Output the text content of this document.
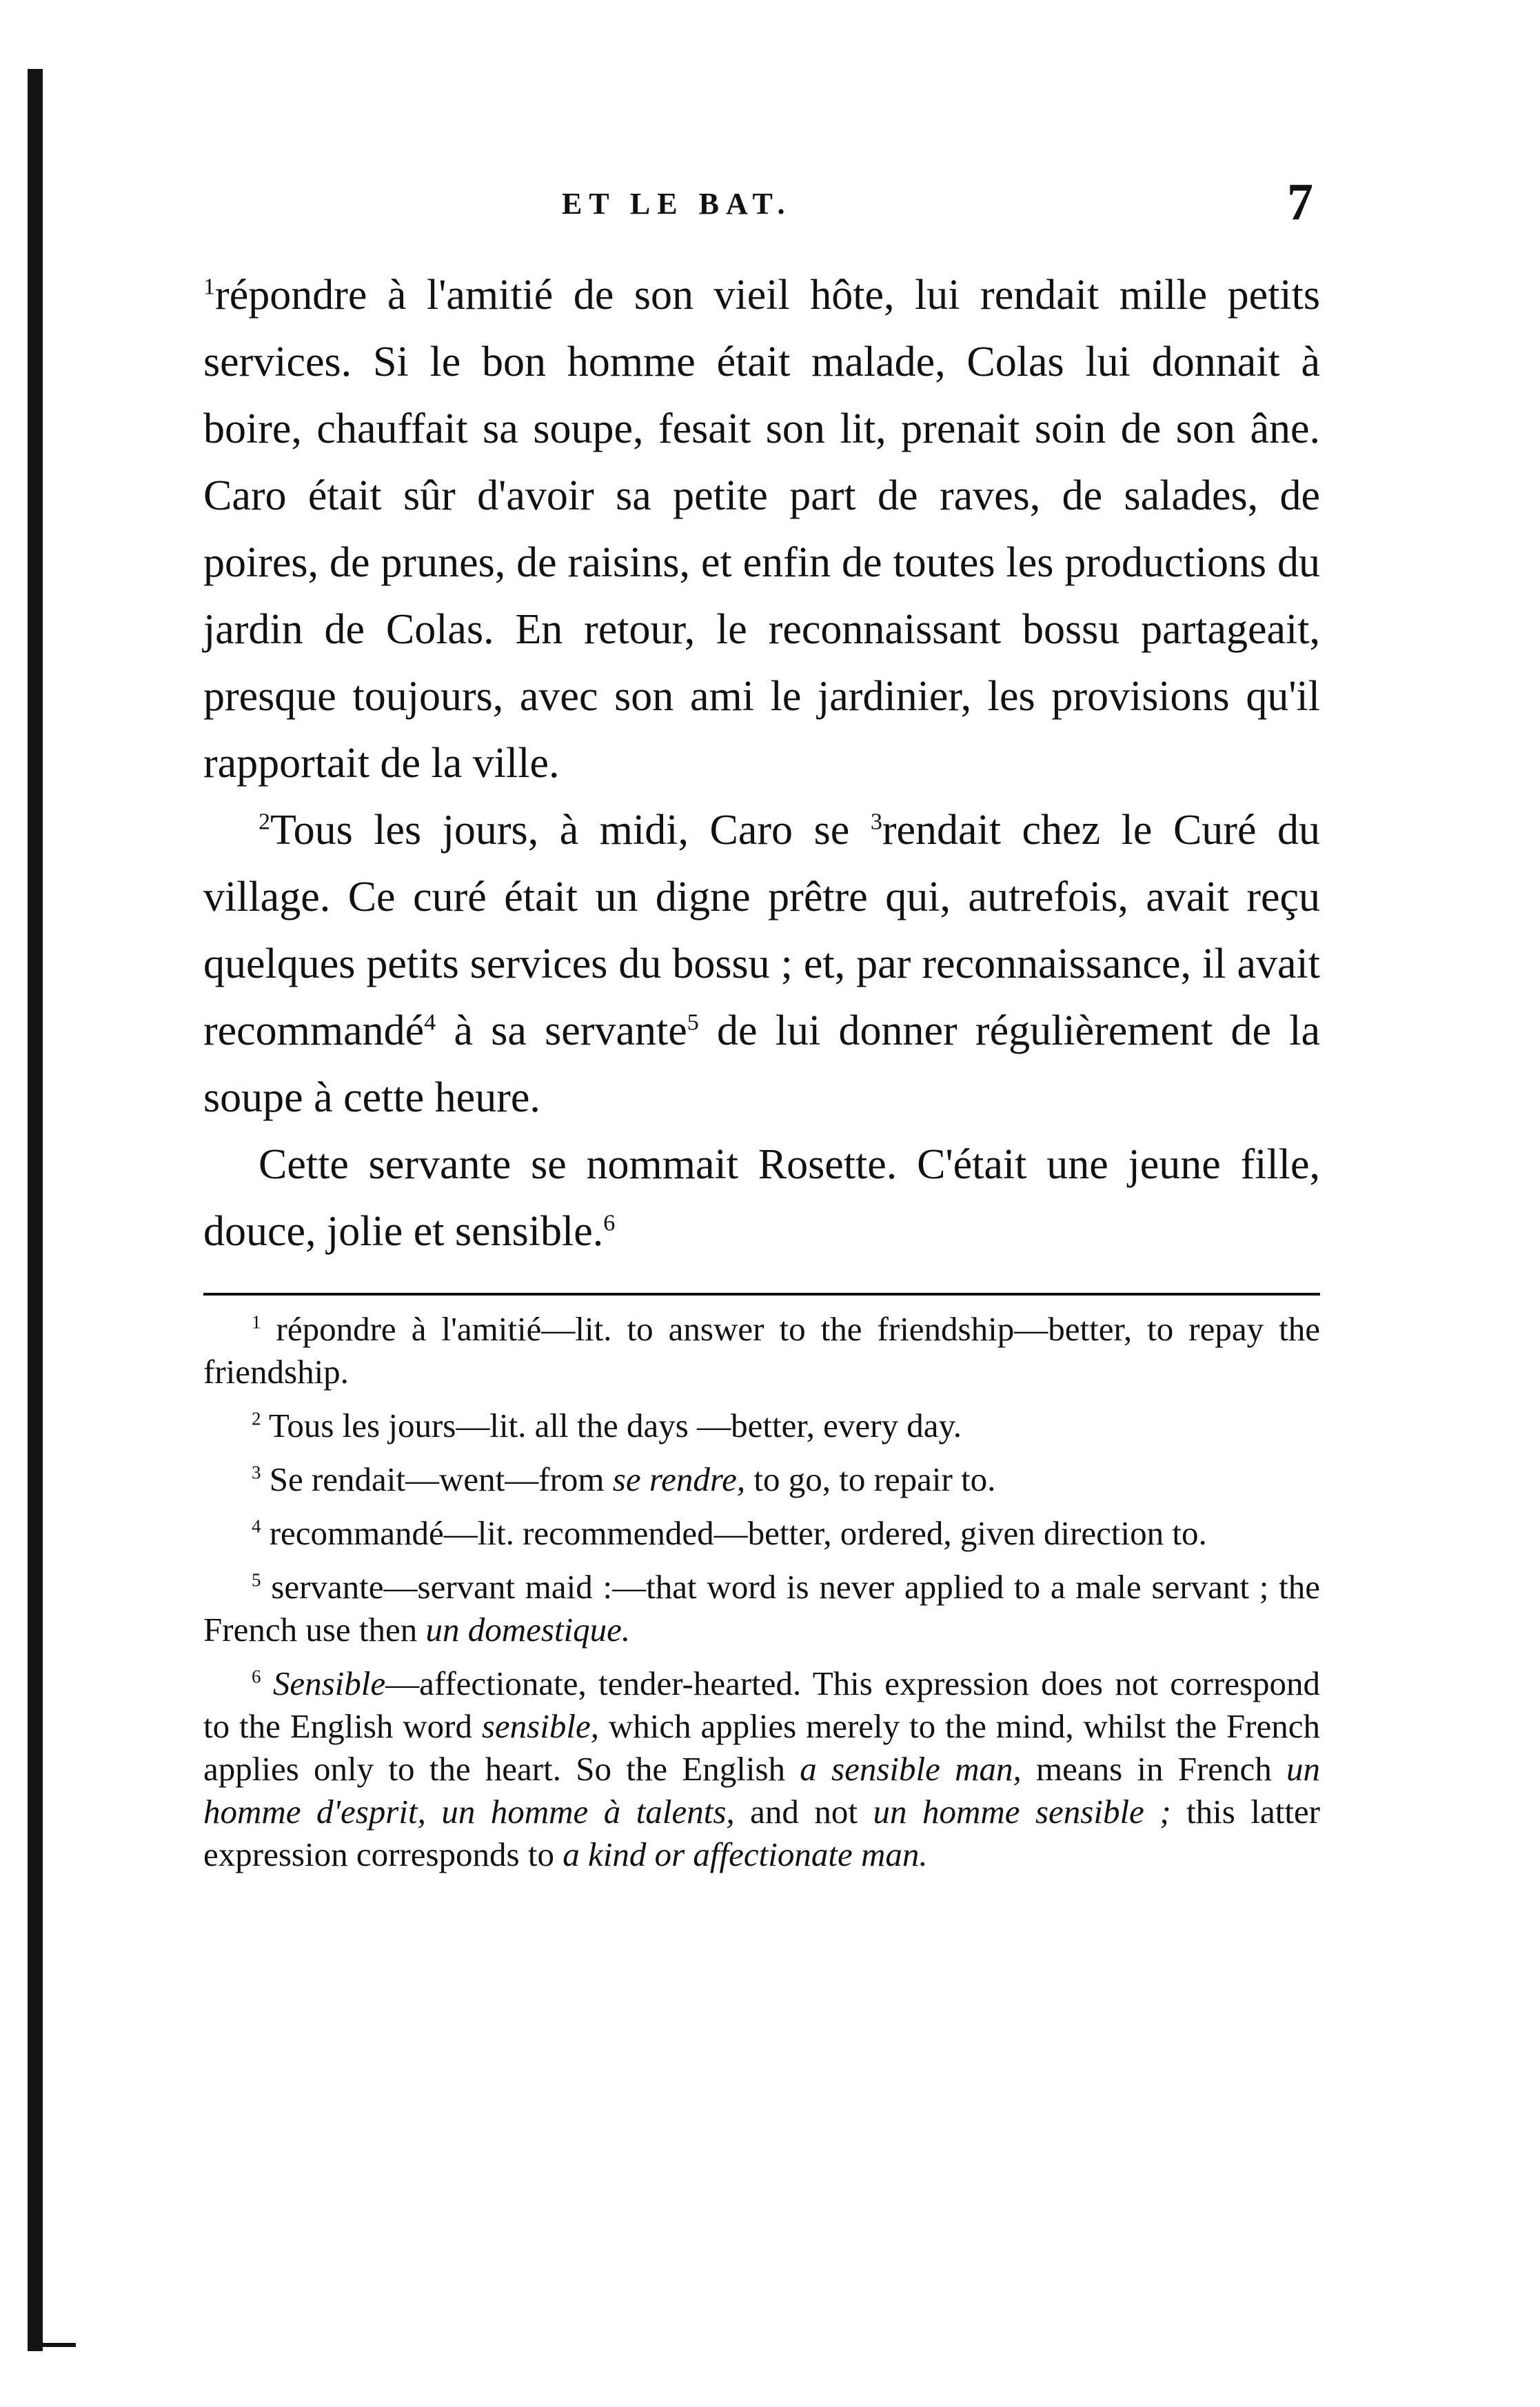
ET LE BAT.	7

$^1$répondre à l'amitié de son vieil hôte, lui rendait mille petits services. Si le bon homme était malade, Colas lui donnait à boire, chauffait sa soupe, fesait son lit, prenait soin de son âne. Caro était sûr d'avoir sa petite part de raves, de salades, de poires, de prunes, de raisins, et enfin de toutes les productions du jardin de Colas. En retour, le reconnaissant bossu partageait, presque toujours, avec son ami le jardinier, les provisions qu'il rapportait de la ville.

$^2$Tous les jours, à midi, Caro se $^3$rendait chez le Curé du village. Ce curé était un digne prêtre qui, autrefois, avait reçu quelques petits services du bossu ; et, par reconnaissance, il avait recommandé$^4$ à sa servante$^5$ de lui donner régulièrement de la soupe à cette heure.

Cette servante se nommait Rosette. C'était une jeune fille, douce, jolie et sensible.$^6$

$^1$ répondre à l'amitié—lit. to answer to the friendship—better, to repay the friendship.

$^2$ Tous les jours—lit. all the days —better, every day.

$^3$ Se rendait—went—from se rendre, to go, to repair to.

$^4$ recommandé—lit. recommended—better, ordered, given direction to.

$^5$ servante—servant maid :—that word is never applied to a male servant ; the French use then un domestique.

$^6$ Sensible—affectionate, tender-hearted. This expression does not correspond to the English word sensible, which applies merely to the mind, whilst the French applies only to the heart. So the English a sensible man, means in French un homme d'esprit, un homme à talents, and not un homme sensible ; this latter expression corresponds to a kind or affectionate man.
